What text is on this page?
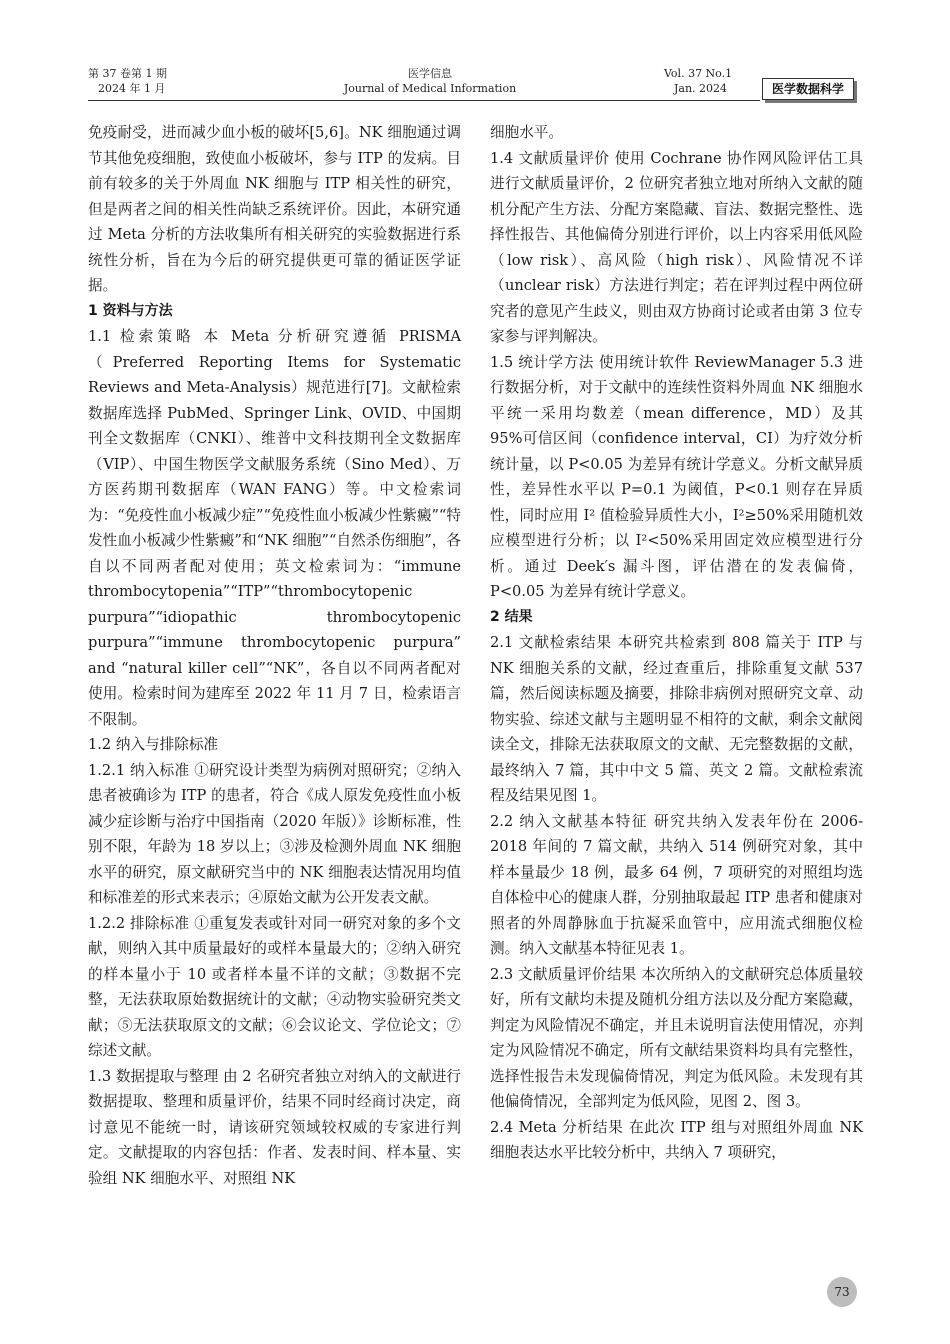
第 37 卷第 1 期
2024 年 1 月
医学信息
Journal of Medical Information
Vol. 37 No.1
Jan. 2024	医学数据科学

免疫耐受，进而减少血小板的破坏[5,6]。NK 细胞通过调节其他免疫细胞，致使血小板破坏，参与 ITP 的发病。目前有较多的关于外周血 NK 细胞与 ITP 相关性的研究，但是两者之间的相关性尚缺乏系统评价。因此，本研究通过 Meta 分析的方法收集所有相关研究的实验数据进行系统性分析，旨在为今后的研究提供更可靠的循证医学证据。

1 资料与方法

1.1 检索策略 本 Meta 分析研究遵循 PRISMA（Preferred Reporting Items for Systematic Reviews and Meta-Analysis）规范进行[7]。文献检索数据库选择 PubMed、Springer Link、OVID、中国期刊全文数据库（CNKI）、维普中文科技期刊全文数据库（VIP）、中国生物医学文献服务系统（Sino Med）、万方医药期刊数据库（WAN FANG）等。中文检索词为：“免疫性血小板减少症”“免疫性血小板减少性紫癜”“特发性血小板减少性紫癜”和“NK 细胞”“自然杀伤细胞”，各自以不同两者配对使用；英文检索词为：“immune thrombocytopenia”“ITP”“thrombocytopenic purpura”“idiopathic thrombocytopenic purpura”“immune thrombocytopenic purpura” and “natural killer cell”“NK”，各自以不同两者配对使用。检索时间为建库至 2022 年 11 月 7 日，检索语言不限制。

1.2 纳入与排除标准

1.2.1 纳入标准 ①研究设计类型为病例对照研究；②纳入患者被确诊为 ITP 的患者，符合《成人原发免疫性血小板减少症诊断与治疗中国指南（2020 年版）》诊断标准，性别不限，年龄为 18 岁以上；③涉及检测外周血 NK 细胞水平的研究，原文献研究当中的 NK 细胞表达情况用均值和标准差的形式来表示；④原始文献为公开发表文献。

1.2.2 排除标准 ①重复发表或针对同一研究对象的多个文献，则纳入其中质量最好的或样本量最大的；②纳入研究的样本量小于 10 或者样本量不详的文献；③数据不完整，无法获取原始数据统计的文献；④动物实验研究类文献；⑤无法获取原文的文献；⑥会议论文、学位论文；⑦综述文献。

1.3 数据提取与整理 由 2 名研究者独立对纳入的文献进行数据提取、整理和质量评价，结果不同时经商讨决定，商讨意见不能统一时，请该研究领域较权威的专家进行判定。文献提取的内容包括：作者、发表时间、样本量、实验组 NK 细胞水平、对照组 NK

细胞水平。

1.4 文献质量评价 使用 Cochrane 协作网风险评估工具进行文献质量评价，2 位研究者独立地对所纳入文献的随机分配产生方法、分配方案隐藏、盲法、数据完整性、选择性报告、其他偏倚分别进行评价，以上内容采用低风险（low risk）、高风险（high risk）、风险情况不详（unclear risk）方法进行判定；若在评判过程中两位研究者的意见产生歧义，则由双方协商讨论或者由第 3 位专家参与评判解决。

1.5 统计学方法 使用统计软件 ReviewManager 5.3 进行数据分析，对于文献中的连续性资料外周血 NK 细胞水平统一采用均数差（mean difference，MD）及其 95%可信区间（confidence interval，CI）为疗效分析统计量，以 P<0.05 为差异有统计学意义。分析文献异质性，差异性水平以 P=0.1 为阈值，P<0.1 则存在异质性，同时应用 I² 值检验异质性大小，I²≥50%采用随机效应模型进行分析；以 I²<50%采用固定效应模型进行分析。通过 Deek′s 漏斗图，评估潜在的发表偏倚，P<0.05 为差异有统计学意义。

2 结果

2.1 文献检索结果 本研究共检索到 808 篇关于 ITP 与 NK 细胞关系的文献，经过查重后，排除重复文献 537 篇，然后阅读标题及摘要，排除非病例对照研究文章、动物实验、综述文献与主题明显不相符的文献，剩余文献阅读全文，排除无法获取原文的文献、无完整数据的文献，最终纳入 7 篇，其中中文 5 篇、英文 2 篇。文献检索流程及结果见图 1。

2.2 纳入文献基本特征 研究共纳入发表年份在 2006-2018 年间的 7 篇文献，共纳入 514 例研究对象，其中样本量最少 18 例，最多 64 例，7 项研究的对照组均选自体检中心的健康人群，分别抽取最起 ITP 患者和健康对照者的外周静脉血于抗凝采血管中，应用流式细胞仪检测。纳入文献基本特征见表 1。

2.3 文献质量评价结果 本次所纳入的文献研究总体质量较好，所有文献均未提及随机分组方法以及分配方案隐藏，判定为风险情况不确定，并且未说明盲法使用情况，亦判定为风险情况不确定，所有文献结果资料均具有完整性，选择性报告未发现偏倚情况，判定为低风险。未发现有其他偏倚情况，全部判定为低风险，见图 2、图 3。

2.4 Meta 分析结果 在此次 ITP 组与对照组外周血 NK 细胞表达水平比较分析中，共纳入 7 项研究，

73
